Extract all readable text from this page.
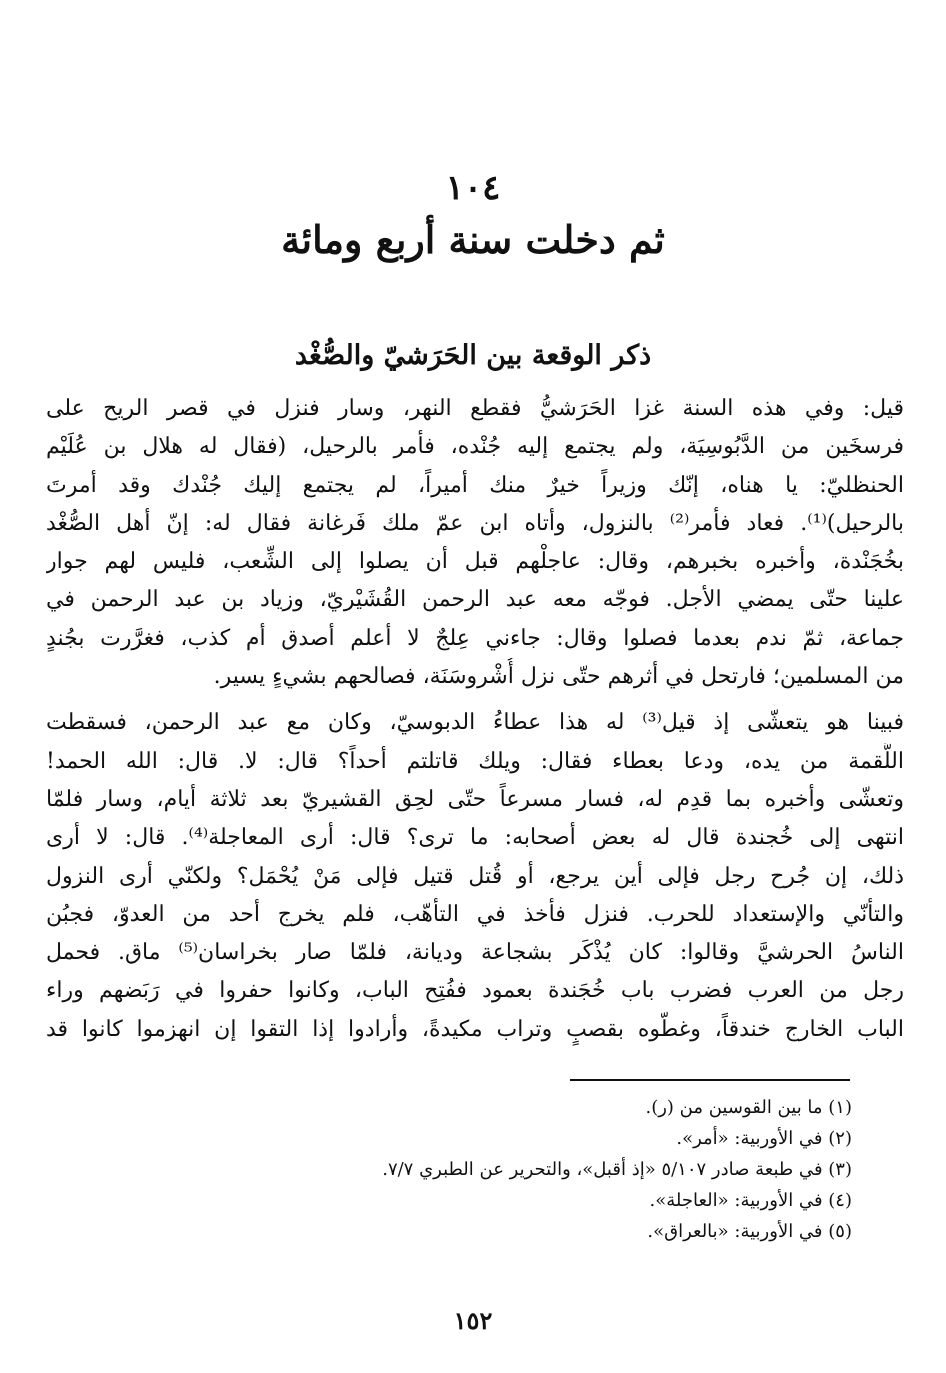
١٠٤
ثم دخلت سنة أربع ومائة
ذكر الوقعة بين الحَرَشيّ والصُّغْد
قيل: وفي هذه السنة غزا الحَرَشيُّ فقطع النهر، وسار فنزل في قصر الريح على
فرسخَين من الدَّبُوسِيَة، ولم يجتمع إليه جُنْده، فأمر بالرحيل، (فقال له هلال بن عُلَيْم
الحنظليّ: يا هناه، إنّك وزيراً خيرٌ منك أميراً، لم يجتمع إليك جُنْدك وقد أمرتَ
بالرحيل)⁽¹⁾. فعاد فأمر⁽²⁾ بالنزول، وأتاه ابن عمّ ملك فَرغانة فقال له: إنّ أهل الصُّغْد
بخُجَنْدة، وأخبره بخبرهم، وقال: عاجلْهم قبل أن يصلوا إلى الشِّعب، فليس لهم جوار
علينا حتّى يمضي الأجل. فوجّه معه عبد الرحمن القُشَيْريّ، وزياد بن عبد الرحمن في
جماعة، ثمّ ندم بعدما فصلوا وقال: جاءني عِلجٌ لا أعلم أصدق أم كذب، فغرَّرت بجُندٍ
من المسلمين؛ فارتحل في أثرهم حتّى نزل أُشْروسَنَة، فصالحهم بشيءٍ يسير.
فبينا هو يتعشّى إذ قيل⁽³⁾ له هذا عطاءُ الدبوسيّ، وكان مع عبد الرحمن، فسقطت
اللُّقمة من يده، ودعا بعطاء فقال: ويلك قاتلتم أحداً؟ قال: لا. قال: الله الحمد!
وتعشّى وأخبره بما قدِم له، فسار مسرعاً حتّى لحِق القشيريّ بعد ثلاثة أيام، وسار فلمّا
انتهى إلى خُجندة قال له بعض أصحابه: ما ترى؟ قال: أرى المعاجلة⁽⁴⁾. قال: لا أرى
ذلك، إن جُرح رجل فإلى أين يرجع، أو قُتل قتيل فإلى مَنْ يُحْمَل؟ ولكنّي أرى النزول
والتأنّي والإستعداد للحرب. فنزل فأخذ في التأهّب، فلم يخرج أحد من العدوّ، فجبُن
الناسُ الحرشيَّ وقالوا: كان يُذْكَر بشجاعة وديانة، فلمّا صار بخراسان⁽⁵⁾ ماق. فحمل
رجل من العرب فضرب باب خُجَندة بعمود ففُتِح الباب، وكانوا حفروا في رَبَضهم وراء
الباب الخارج خندقاً، وغطّوه بقصبٍ وتراب مكيدةً، وأرادوا إذا التقوا إن انهزموا كانوا قد
(١) ما بين القوسين من (ر).
(٢) في الأوربية: «أمر».
(٣) في طبعة صادر ٥/١٠٧ «إذ أقبل»، والتحرير عن الطبري ٧/٧.
(٤) في الأوربية: «العاجلة».
(٥) في الأوربية: «بالعراق».
١٥٢
